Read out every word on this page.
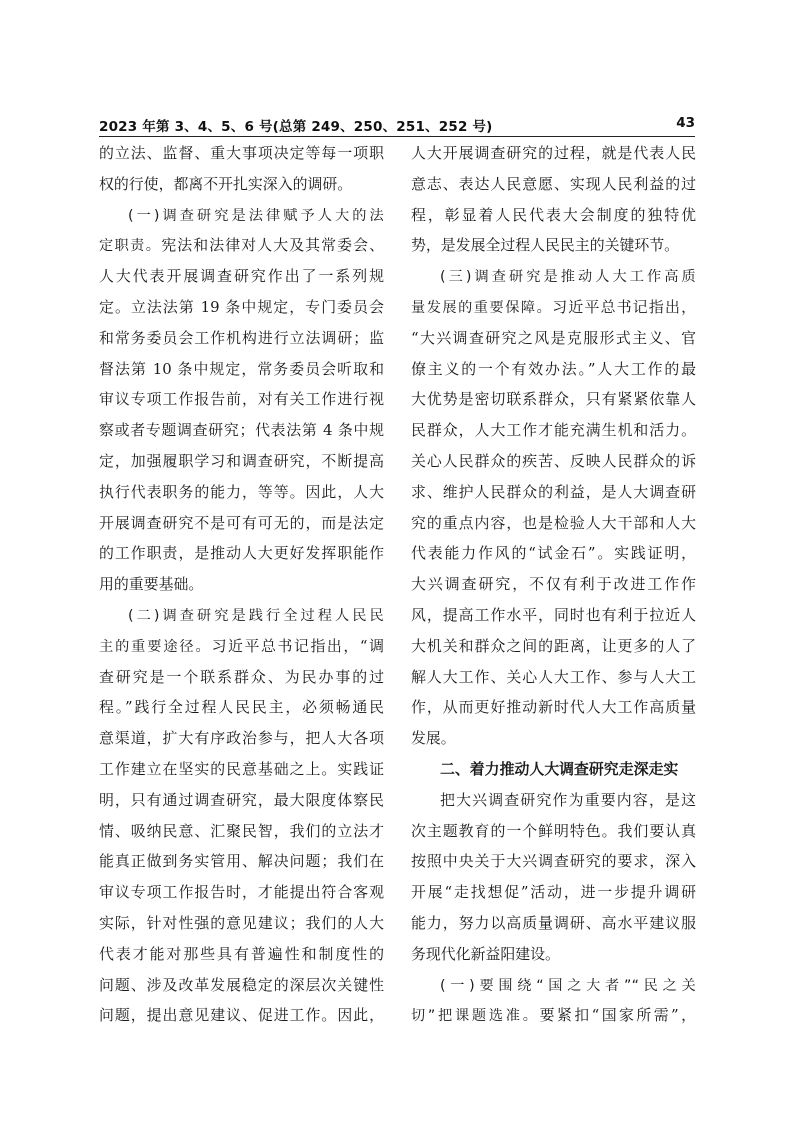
2023 年第 3、4、5、6 号(总第 249、250、251、252 号)	43
的立法、监督、重大事项决定等每一项职
权的行使，都离不开扎实深入的调研。
(一)调查研究是法律赋予人大的法
定职责。宪法和法律对人大及其常委会、
人大代表开展调查研究作出了一系列规
定。立法法第 19 条中规定，专门委员会
和常务委员会工作机构进行立法调研；监
督法第 10 条中规定，常务委员会听取和
审议专项工作报告前，对有关工作进行视
察或者专题调查研究；代表法第 4 条中规
定，加强履职学习和调查研究，不断提高
执行代表职务的能力，等等。因此，人大
开展调查研究不是可有可无的，而是法定
的工作职责，是推动人大更好发挥职能作
用的重要基础。
(二)调查研究是践行全过程人民民
主的重要途径。习近平总书记指出，“调
查研究是一个联系群众、为民办事的过
程。”践行全过程人民民主，必须畅通民
意渠道，扩大有序政治参与，把人大各项
工作建立在坚实的民意基础之上。实践证
明，只有通过调查研究，最大限度体察民
情、吸纳民意、汇聚民智，我们的立法才
能真正做到务实管用、解决问题；我们在
审议专项工作报告时，才能提出符合客观
实际，针对性强的意见建议；我们的人大
代表才能对那些具有普遍性和制度性的
问题、涉及改革发展稳定的深层次关键性
问题，提出意见建议、促进工作。因此，
人大开展调查研究的过程，就是代表人民
意志、表达人民意愿、实现人民利益的过
程，彰显着人民代表大会制度的独特优
势，是发展全过程人民民主的关键环节。
(三)调查研究是推动人大工作高质
量发展的重要保障。习近平总书记指出，
“大兴调查研究之风是克服形式主义、官
僚主义的一个有效办法。”人大工作的最
大优势是密切联系群众，只有紧紧依靠人
民群众，人大工作才能充满生机和活力。
关心人民群众的疾苦、反映人民群众的诉
求、维护人民群众的利益，是人大调查研
究的重点内容，也是检验人大干部和人大
代表能力作风的“试金石”。实践证明，
大兴调查研究，不仅有利于改进工作作
风，提高工作水平，同时也有利于拉近人
大机关和群众之间的距离，让更多的人了
解人大工作、关心人大工作、参与人大工
作，从而更好推动新时代人大工作高质量
发展。
二、着力推动人大调查研究走深走实
把大兴调查研究作为重要内容，是这
次主题教育的一个鲜明特色。我们要认真
按照中央关于大兴调查研究的要求，深入
开展“走找想促”活动，进一步提升调研
能力，努力以高质量调研、高水平建议服
务现代化新益阳建设。
(一)要围绕“国之大者”“民之关
切”把课题选准。要紧扣“国家所需”，
